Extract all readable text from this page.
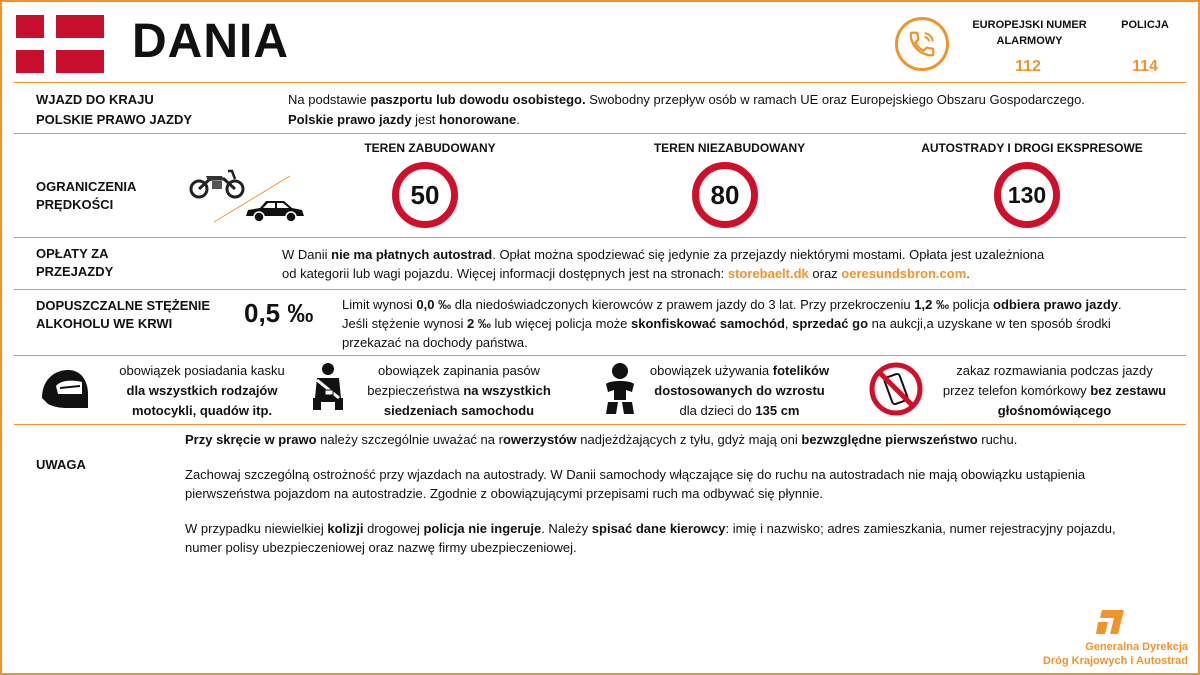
DANIA	EUROPEJSKI NUMER ALARMOWY
112
POLICJA
114
WJAZD DO KRAJU
POLSKIE PRAWO JAZDY
Na podstawie paszportu lub dowodu osobistego. Swobodny przepływ osób w ramach UE oraz Europejskiego Obszaru Gospodarczego.
Polskie prawo jazdy jest honorowane.
OGRANICZENIA PRĘDKOŚCI
TEREN ZABUDOWANY
50
TEREN NIEZABUDOWANY
80
AUTOSTRADY I DROGI EKSPRESOWE
130
OPŁATY ZA PRZEJAZDY
W Danii nie ma płatnych autostrad. Opłat można spodziewać się jedynie za przejazdy niektórymi mostami. Opłata jest uzależniona
od kategorii lub wagi pojazdu. Więcej informacji dostępnych jest na stronach: storebaelt.dk oraz oeresundsbron.com.
DOPUSZCZALNE STĘŻENIE ALKOHOLU WE KRWI	0,5 ‰ Limit wynosi 0,0 ‰ dla niedoświadczonych kierowców z prawem jazdy do 3 lat. Przy przekroczeniu 1,2 ‰ policja odbiera prawo jazdy.
Jeśli stężenie wynosi 2 ‰ lub więcej policja może skonfiskować samochód, sprzedać go na aukcji,a uzyskane w ten sposób środki
przekazać na dochody państwa.
obowiązek posiadania kasku
dla wszystkich rodzajów motocykli, quadów itp.
obowiązek zapinania pasów
bezpieczeństwa na wszystkich siedzeniach samochodu
obowiązek używania fotelików dostosowanych do wzrostu
dla dzieci do 135 cm
zakaz rozmawiania podczas jazdy
przez telefon komórkowy bez zestawu głośnomówiącego
UWAGA
Przy skręcie w prawo należy szczególnie uważać na rowerzystów nadjeżdżających z tyłu, gdyż mają oni bezwzględne pierwszeństwo ruchu.
Zachowaj szczególną ostrożność przy wjazdach na autostrady. W Danii samochody włączające się do ruchu na autostradach nie mają obowiązku ustąpienia
pierwszeństwa pojazdom na autostradzie. Zgodnie z obowiązującymi przepisami ruch ma odbywać się płynnie.
W przypadku niewielkiej kolizji drogowej policja nie ingeruje. Należy spisać dane kierowcy: imię i nazwisko; adres zamieszkania, numer rejestracyjny pojazdu,
numer polisy ubezpieczeniowej oraz nazwę firmy ubezpieczeniowej.
Generalna Dyrekcja
Dróg Krajowych i Autostrad
